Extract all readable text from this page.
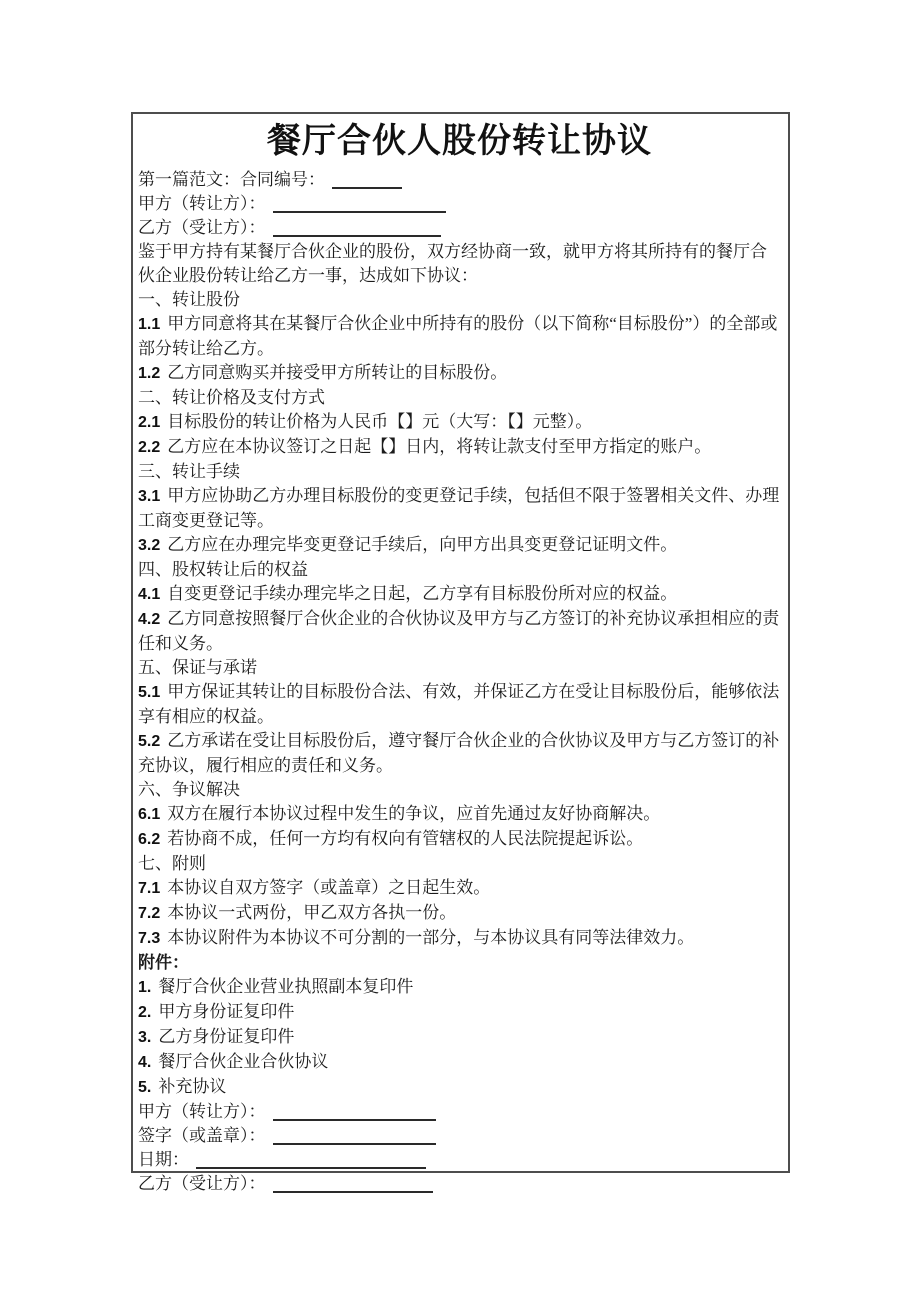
餐厅合伙人股份转让协议

第一篇范文：合同编号：

甲方（转让方）：

乙方（受让方）：

鉴于甲方持有某餐厅合伙企业的股份，双方经协商一致，就甲方将其所持有的餐厅合伙企业股份转让给乙方一事，达成如下协议：

一、转让股份

1.1 甲方同意将其在某餐厅合伙企业中所持有的股份（以下简称“目标股份”）的全部或部分转让给乙方。

1.2 乙方同意购买并接受甲方所转让的目标股份。

二、转让价格及支付方式

2.1 目标股份的转让价格为人民币【】元（大写：【】元整）。

2.2 乙方应在本协议签订之日起【】日内，将转让款支付至甲方指定的账户。

三、转让手续

3.1 甲方应协助乙方办理目标股份的变更登记手续，包括但不限于签署相关文件、办理工商变更登记等。

3.2 乙方应在办理完毕变更登记手续后，向甲方出具变更登记证明文件。

四、股权转让后的权益

4.1 自变更登记手续办理完毕之日起，乙方享有目标股份所对应的权益。

4.2 乙方同意按照餐厅合伙企业的合伙协议及甲方与乙方签订的补充协议承担相应的责任和义务。

五、保证与承诺

5.1 甲方保证其转让的目标股份合法、有效，并保证乙方在受让目标股份后，能够依法享有相应的权益。

5.2 乙方承诺在受让目标股份后，遵守餐厅合伙企业的合伙协议及甲方与乙方签订的补充协议，履行相应的责任和义务。

六、争议解决

6.1 双方在履行本协议过程中发生的争议，应首先通过友好协商解决。

6.2 若协商不成，任何一方均有权向有管辖权的人民法院提起诉讼。

七、附则

7.1 本协议自双方签字（或盖章）之日起生效。

7.2 本协议一式两份，甲乙双方各执一份。

7.3 本协议附件为本协议不可分割的一部分，与本协议具有同等法律效力。

附件：

1. 餐厅合伙企业营业执照副本复印件

2. 甲方身份证复印件

3. 乙方身份证复印件

4. 餐厅合伙企业合伙协议

5. 补充协议

甲方（转让方）：

签字（或盖章）：

日期：

乙方（受让方）：
